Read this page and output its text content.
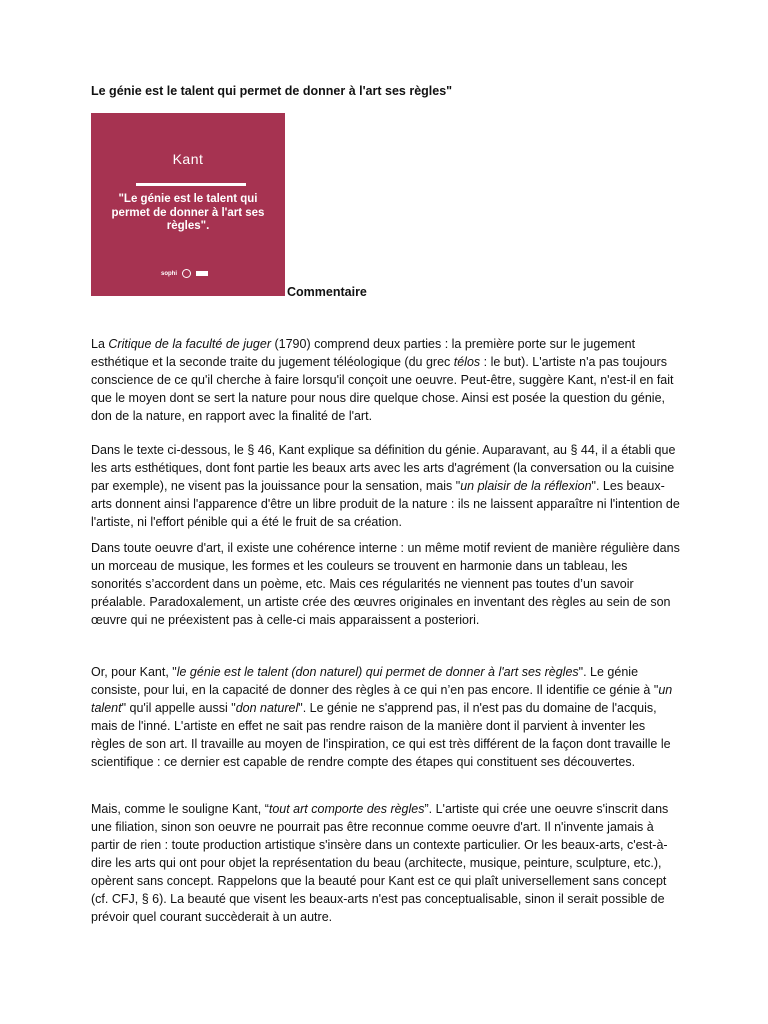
Le génie est le talent qui permet de donner à l'art ses règles"
Kant
"Le génie est le talent qui permet de donner à l'art ses règles".
sophi
Commentaire

La Critique de la faculté de juger (1790) comprend deux parties : la première porte sur le jugement esthétique et la seconde traite du jugement téléologique (du grec télos : le but). L'artiste n'a pas toujours conscience de ce qu'il cherche à faire lorsqu'il conçoit une oeuvre. Peut-être, suggère Kant, n'est-il en fait que le moyen dont se sert la nature pour nous dire quelque chose. Ainsi est posée la question du génie, don de la nature, en rapport avec la finalité de l'art.

Dans le texte ci-dessous, le § 46, Kant explique sa définition du génie. Auparavant, au § 44, il a établi que les arts esthétiques, dont font partie les beaux arts avec les arts d'agrément (la conversation ou la cuisine par exemple), ne visent pas la jouissance pour la sensation, mais "un plaisir de la réflexion". Les beaux-arts donnent ainsi l'apparence d'être un libre produit de la nature : ils ne laissent apparaître ni l'intention de l'artiste, ni l'effort pénible qui a été le fruit de sa création.

Dans toute oeuvre d'art, il existe une cohérence interne : un même motif revient de manière régulière dans un morceau de musique, les formes et les couleurs se trouvent en harmonie dans un tableau, les sonorités s’accordent dans un poème, etc. Mais ces régularités ne viennent pas toutes d’un savoir préalable. Paradoxalement, un artiste crée des œuvres originales en inventant des règles au sein de son œuvre qui ne préexistent pas à celle-ci mais apparaissent a posteriori.

Or, pour Kant, "le génie est le talent (don naturel) qui permet de donner à l'art ses règles". Le génie consiste, pour lui, en la capacité de donner des règles à ce qui n’en pas encore. Il identifie ce génie à "un talent" qu'il appelle aussi "don naturel". Le génie ne s'apprend pas, il n'est pas du domaine de l'acquis, mais de l'inné. L'artiste en effet ne sait pas rendre raison de la manière dont il parvient à inventer les règles de son art. Il travaille au moyen de l'inspiration, ce qui est très différent de la façon dont travaille le scientifique : ce dernier est capable de rendre compte des étapes qui constituent ses découvertes.

Mais, comme le souligne Kant, “tout art comporte des règles”. L'artiste qui crée une oeuvre s'inscrit dans une filiation, sinon son oeuvre ne pourrait pas être reconnue comme oeuvre d'art. Il n'invente jamais à partir de rien : toute production artistique s'insère dans un contexte particulier. Or les beaux-arts, c'est-à-dire les arts qui ont pour objet la représentation du beau (architecte, musique, peinture, sculpture, etc.), opèrent sans concept. Rappelons que la beauté pour Kant est ce qui plaît universellement sans concept (cf. CFJ, § 6). La beauté que visent les beaux-arts n'est pas conceptualisable, sinon il serait possible de prévoir quel courant succèderait à un autre.
